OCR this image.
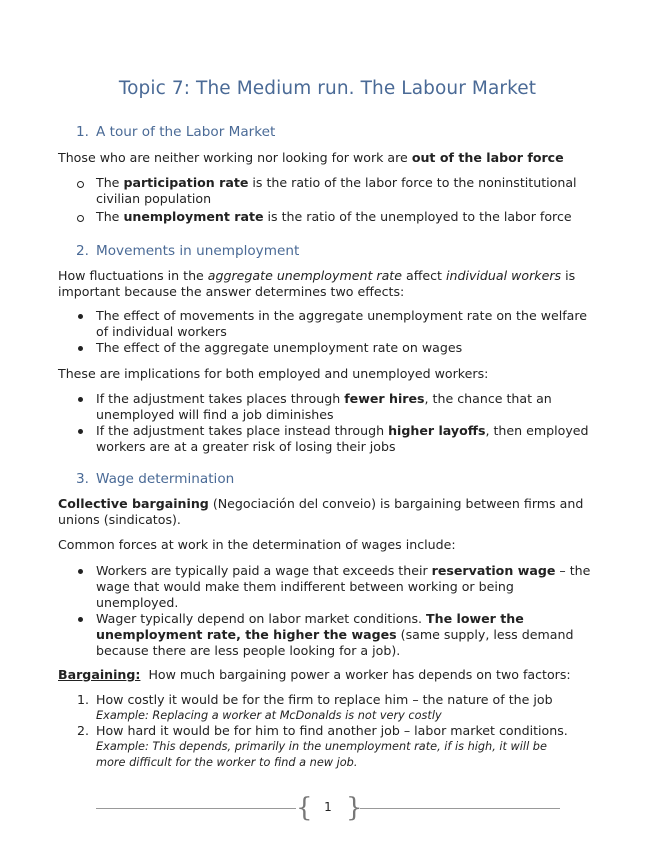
Topic 7: The Medium run. The Labour Market
1. A tour of the Labor Market
Those who are neither working nor looking for work are out of the labor force
The participation rate is the ratio of the labor force to the noninstitutional civilian population
The unemployment rate is the ratio of the unemployed to the labor force
2. Movements in unemployment
How fluctuations in the aggregate unemployment rate affect individual workers is important because the answer determines two effects:
The effect of movements in the aggregate unemployment rate on the welfare of individual workers
The effect of the aggregate unemployment rate on wages
These are implications for both employed and unemployed workers:
If the adjustment takes places through fewer hires, the chance that an unemployed will find a job diminishes
If the adjustment takes place instead through higher layoffs, then employed workers are at a greater risk of losing their jobs
3. Wage determination
Collective bargaining (Negociación del conveio) is bargaining between firms and unions (sindicatos).
Common forces at work in the determination of wages include:
Workers are typically paid a wage that exceeds their reservation wage – the wage that would make them indifferent between working or being unemployed.
Wager typically depend on labor market conditions. The lower the unemployment rate, the higher the wages (same supply, less demand because there are less people looking for a job).
Bargaining:  How much bargaining power a worker has depends on two factors:
1. How costly it would be for the firm to replace him – the nature of the job
Example: Replacing a worker at McDonalds is not very costly
2. How hard it would be for him to find another job – labor market conditions.
Example: This depends, primarily in the unemployment rate, if is high, it will be more difficult for the worker to find a new job.
{ }
1
